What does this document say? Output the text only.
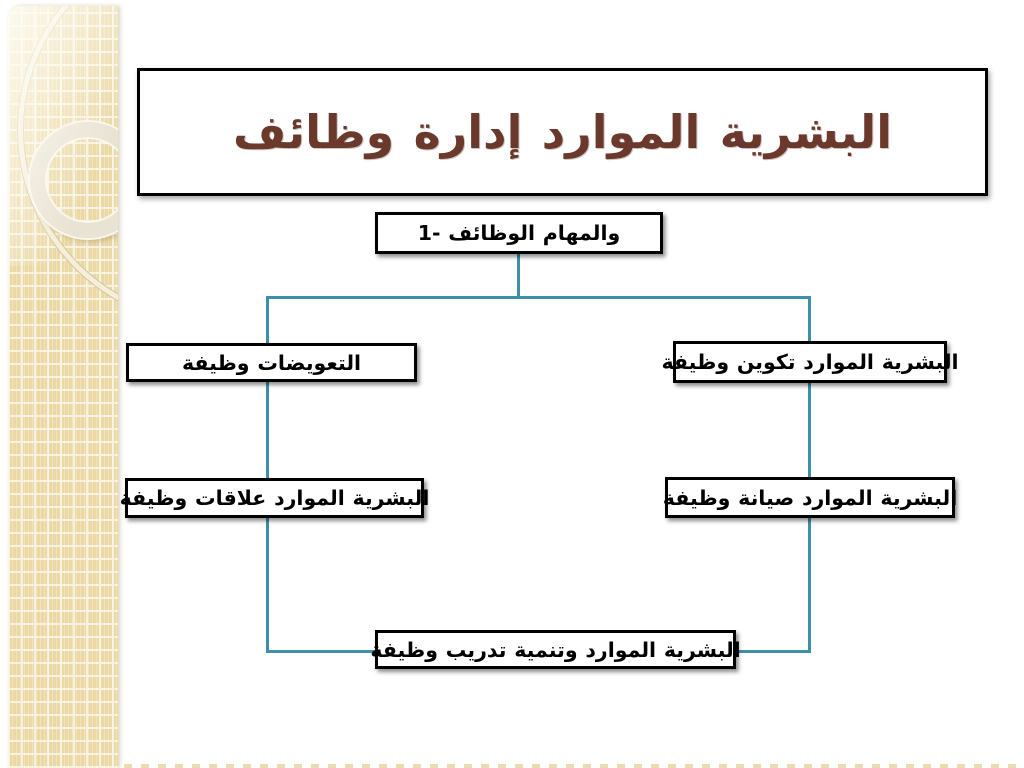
وظائف إدارة الموارد البشرية
1- الوظائف والمهام
وظيفة التعويضات	وظيفة تكوين الموارد البشرية
وظيفة علاقات الموارد البشرية	وظيفة صيانة الموارد البشرية
وظيفة تدريب وتنمية الموارد البشرية
